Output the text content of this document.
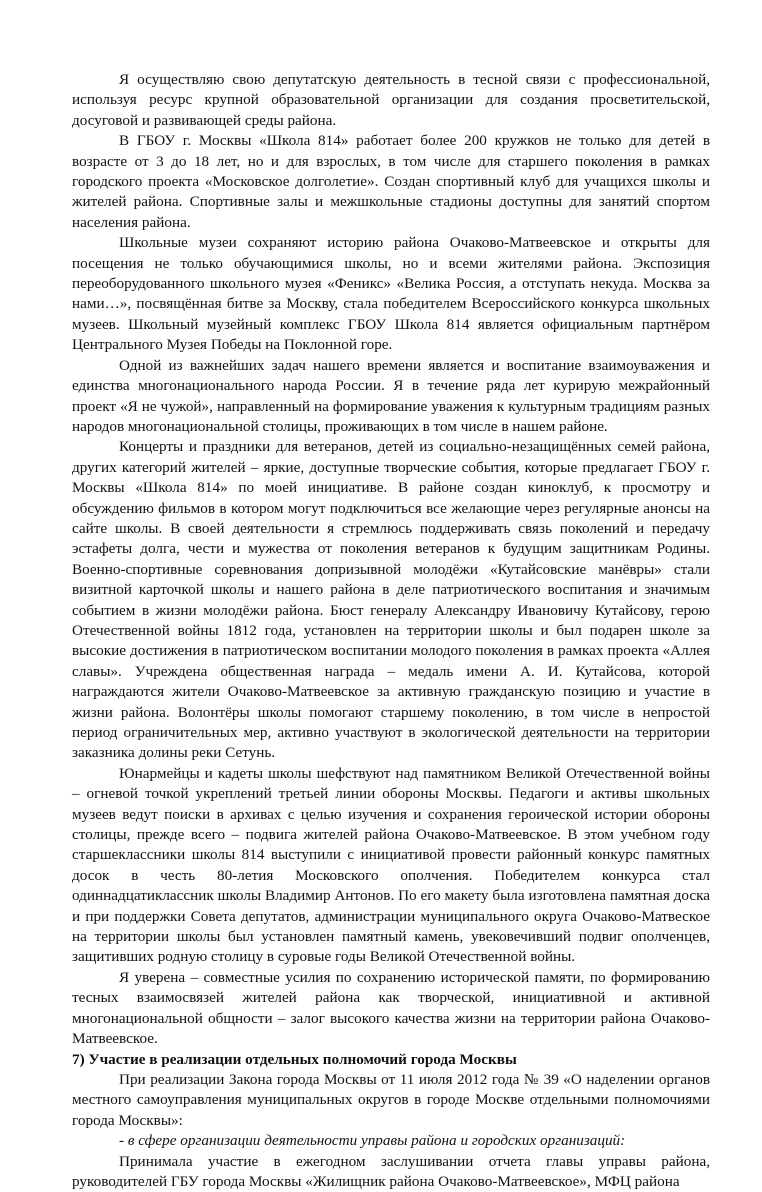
Я осуществляю свою депутатскую деятельность в тесной связи с профессиональной, используя ресурс крупной образовательной организации для создания просветительской, досуговой и развивающей среды района.

В ГБОУ г. Москвы «Школа 814» работает более 200 кружков не только для детей в возрасте от 3 до 18 лет, но и для взрослых, в том числе для старшего поколения в рамках городского проекта «Московское долголетие». Создан спортивный клуб для учащихся школы и жителей района. Спортивные залы и межшкольные стадионы доступны для занятий спортом населения района.

Школьные музеи сохраняют историю района Очаково-Матвеевское и открыты для посещения не только обучающимися школы, но и всеми жителями района. Экспозиция переоборудованного школьного музея «Феникс» «Велика Россия, а отступать некуда. Москва за нами…», посвящённая битве за Москву, стала победителем Всероссийского конкурса школьных музеев. Школьный музейный комплекс ГБОУ Школа 814 является официальным партнёром Центрального Музея Победы на Поклонной горе.

Одной из важнейших задач нашего времени является и воспитание взаимоуважения и единства многонационального народа России. Я в течение ряда лет курирую межрайонный проект «Я не чужой», направленный на формирование уважения к культурным традициям разных народов многонациональной столицы, проживающих в том числе в нашем районе.

Концерты и праздники для ветеранов, детей из социально-незащищённых семей района, других категорий жителей – яркие, доступные творческие события, которые предлагает ГБОУ г. Москвы «Школа 814» по моей инициативе. В районе создан киноклуб, к просмотру и обсуждению фильмов в котором могут подключиться все желающие через регулярные анонсы на сайте школы. В своей деятельности я стремлюсь поддерживать связь поколений и передачу эстафеты долга, чести и мужества от поколения ветеранов к будущим защитникам Родины. Военно-спортивные соревнования допризывной молодёжи «Кутайсовские манёвры» стали визитной карточкой школы и нашего района в деле патриотического воспитания и значимым событием в жизни молодёжи района. Бюст генералу Александру Ивановичу Кутайсову, герою Отечественной войны 1812 года, установлен на территории школы и был подарен школе за высокие достижения в патриотическом воспитании молодого поколения в рамках проекта «Аллея славы». Учреждена общественная награда – медаль имени А. И. Кутайсова, которой награждаются жители Очаково-Матвеевское за активную гражданскую позицию и участие в жизни района. Волонтёры школы помогают старшему поколению, в том числе в непростой период ограничительных мер, активно участвуют в экологической деятельности на территории заказника долины реки Сетунь.

Юнармейцы и кадеты школы шефствуют над памятником Великой Отечественной войны – огневой точкой укреплений третьей линии обороны Москвы. Педагоги и активы школьных музеев ведут поиски в архивах с целью изучения и сохранения героической истории обороны столицы, прежде всего – подвига жителей района Очаково-Матвеевское. В этом учебном году старшеклассники школы 814 выступили с инициативой провести районный конкурс памятных досок в честь 80-летия Московского ополчения. Победителем конкурса стал одиннадцатиклассник школы Владимир Антонов. По его макету была изготовлена памятная доска и при поддержки Совета депутатов, администрации муниципального округа Очаково-Матвеское на территории школы был установлен памятный камень, увековечивший подвиг ополченцев, защитивших родную столицу в суровые годы Великой Отечественной войны.

Я уверена – совместные усилия по сохранению исторической памяти, по формированию тесных взаимосвязей жителей района как творческой, инициативной и активной многонациональной общности – залог высокого качества жизни на территории района Очаково-Матвеевское.

7) Участие в реализации отдельных полномочий города Москвы

При реализации Закона города Москвы от 11 июля 2012 года № 39 «О наделении органов местного самоуправления муниципальных округов в городе Москве отдельными полномочиями города Москвы»:

- в сфере организации деятельности управы района и городских организаций:

Принимала участие в ежегодном заслушивании отчета главы управы района, руководителей ГБУ города Москвы «Жилищник района Очаково-Матвеевское», МФЦ района
